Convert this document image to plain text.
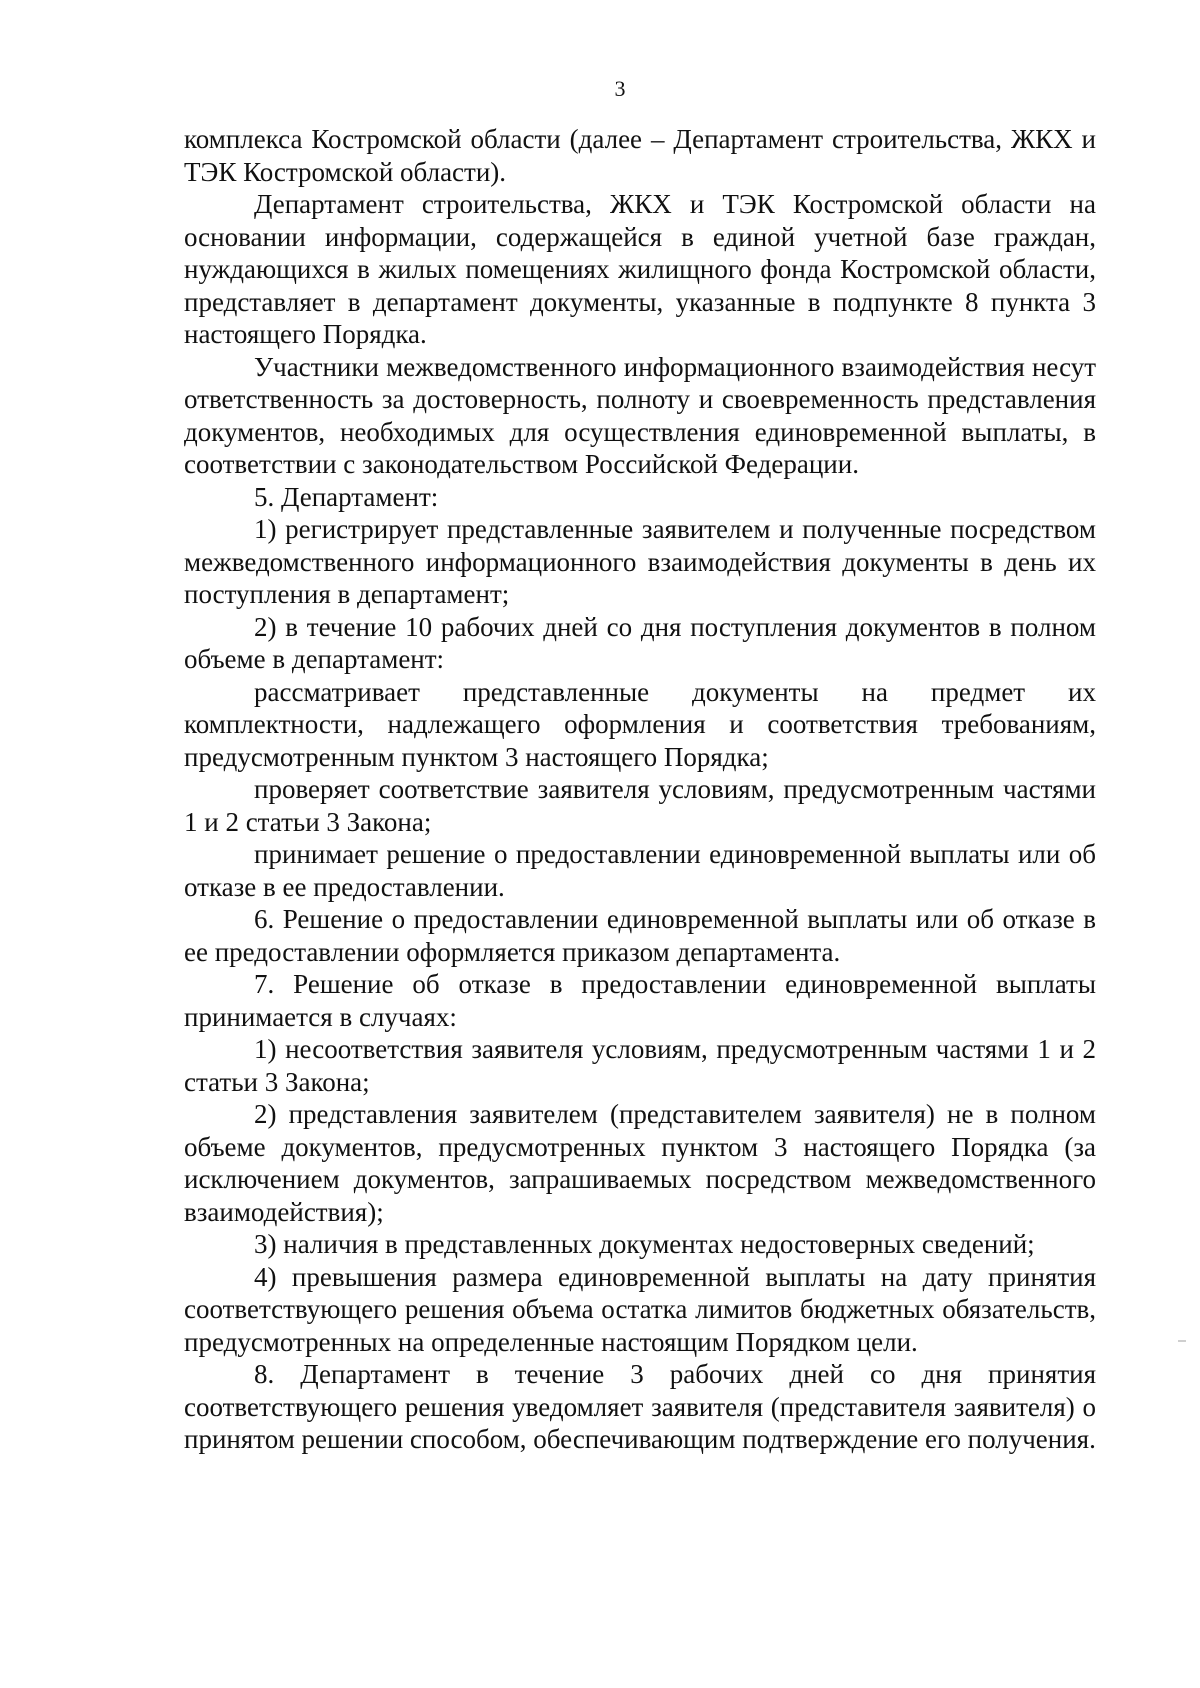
3

комплекса Костромской области (далее – Департамент строительства, ЖКХ и ТЭК Костромской области).

Департамент строительства, ЖКХ и ТЭК Костромской области на основании информации, содержащейся в единой учетной базе граждан, нуждающихся в жилых помещениях жилищного фонда Костромской области, представляет в департамент документы, указанные в подпункте 8 пункта 3 настоящего Порядка.

Участники межведомственного информационного взаимодействия несут ответственность за достоверность, полноту и своевременность представления документов, необходимых для осуществления единовременной выплаты, в соответствии с законодательством Российской Федерации.

5. Департамент:

1) регистрирует представленные заявителем и полученные посредством межведомственного информационного взаимодействия документы в день их поступления в департамент;

2) в течение 10 рабочих дней со дня поступления документов в полном объеме в департамент:

рассматривает представленные документы на предмет их комплектности, надлежащего оформления и соответствия требованиям, предусмотренным пунктом 3 настоящего Порядка;

проверяет соответствие заявителя условиям, предусмотренным частями 1 и 2 статьи 3 Закона;

принимает решение о предоставлении единовременной выплаты или об отказе в ее предоставлении.

6. Решение о предоставлении единовременной выплаты или об отказе в ее предоставлении оформляется приказом департамента.

7. Решение об отказе в предоставлении единовременной выплаты принимается в случаях:

1) несоответствия заявителя условиям, предусмотренным частями 1 и 2 статьи 3 Закона;

2) представления заявителем (представителем заявителя) не в полном объеме документов, предусмотренных пунктом 3 настоящего Порядка (за исключением документов, запрашиваемых посредством межведомственного взаимодействия);

3) наличия в представленных документах недостоверных сведений;

4) превышения размера единовременной выплаты на дату принятия соответствующего решения объема остатка лимитов бюджетных обязательств, предусмотренных на определенные настоящим Порядком цели.

8. Департамент в течение 3 рабочих дней со дня принятия соответствующего решения уведомляет заявителя (представителя заявителя) о принятом решении способом, обеспечивающим подтверждение его получения.
